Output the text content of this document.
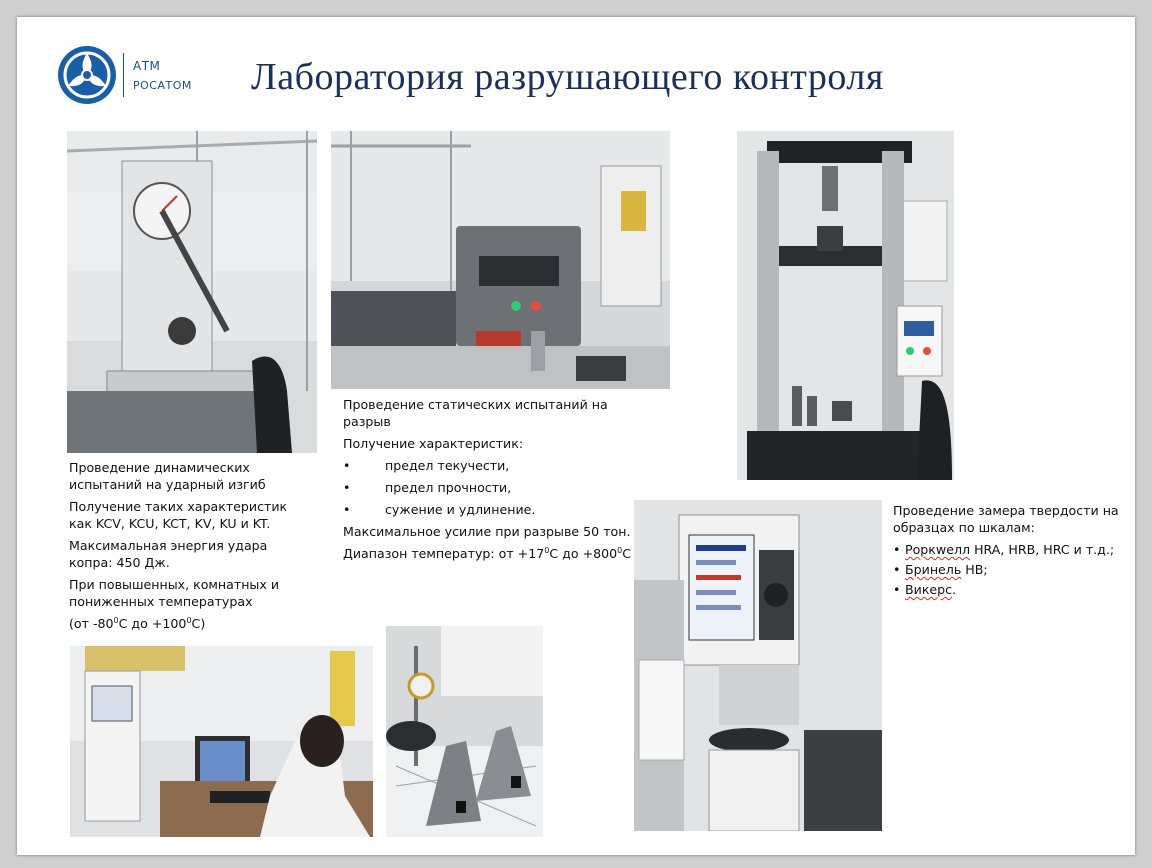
АТМ
РОСАТОМ Лаборатория разрушающего контроля

Проведение динамических испытаний на ударный изгиб

Получение таких характеристик как KCV, KCU, KCT, KV, KU и KT.

Максимальная энергия удара копра: 450 Дж.

При повышенных, комнатных и пониженных температурах

(от $-80^0С$ до $+100^0С$)

Проведение статических испытаний на разрыв

Получение характеристик:

•	предел текучести,
•	предел прочности,
•	сужение и удлинение.

Максимальное усилие при разрыве 50 тон.

Диапазон температур: от $+17^0С$ до $+800^0С$

Проведение замера твердости на образцах по шкалам:

• Роркwелл HRA, HRB, HRC и т.д.;
• Бринель HB;
• Викерс.
